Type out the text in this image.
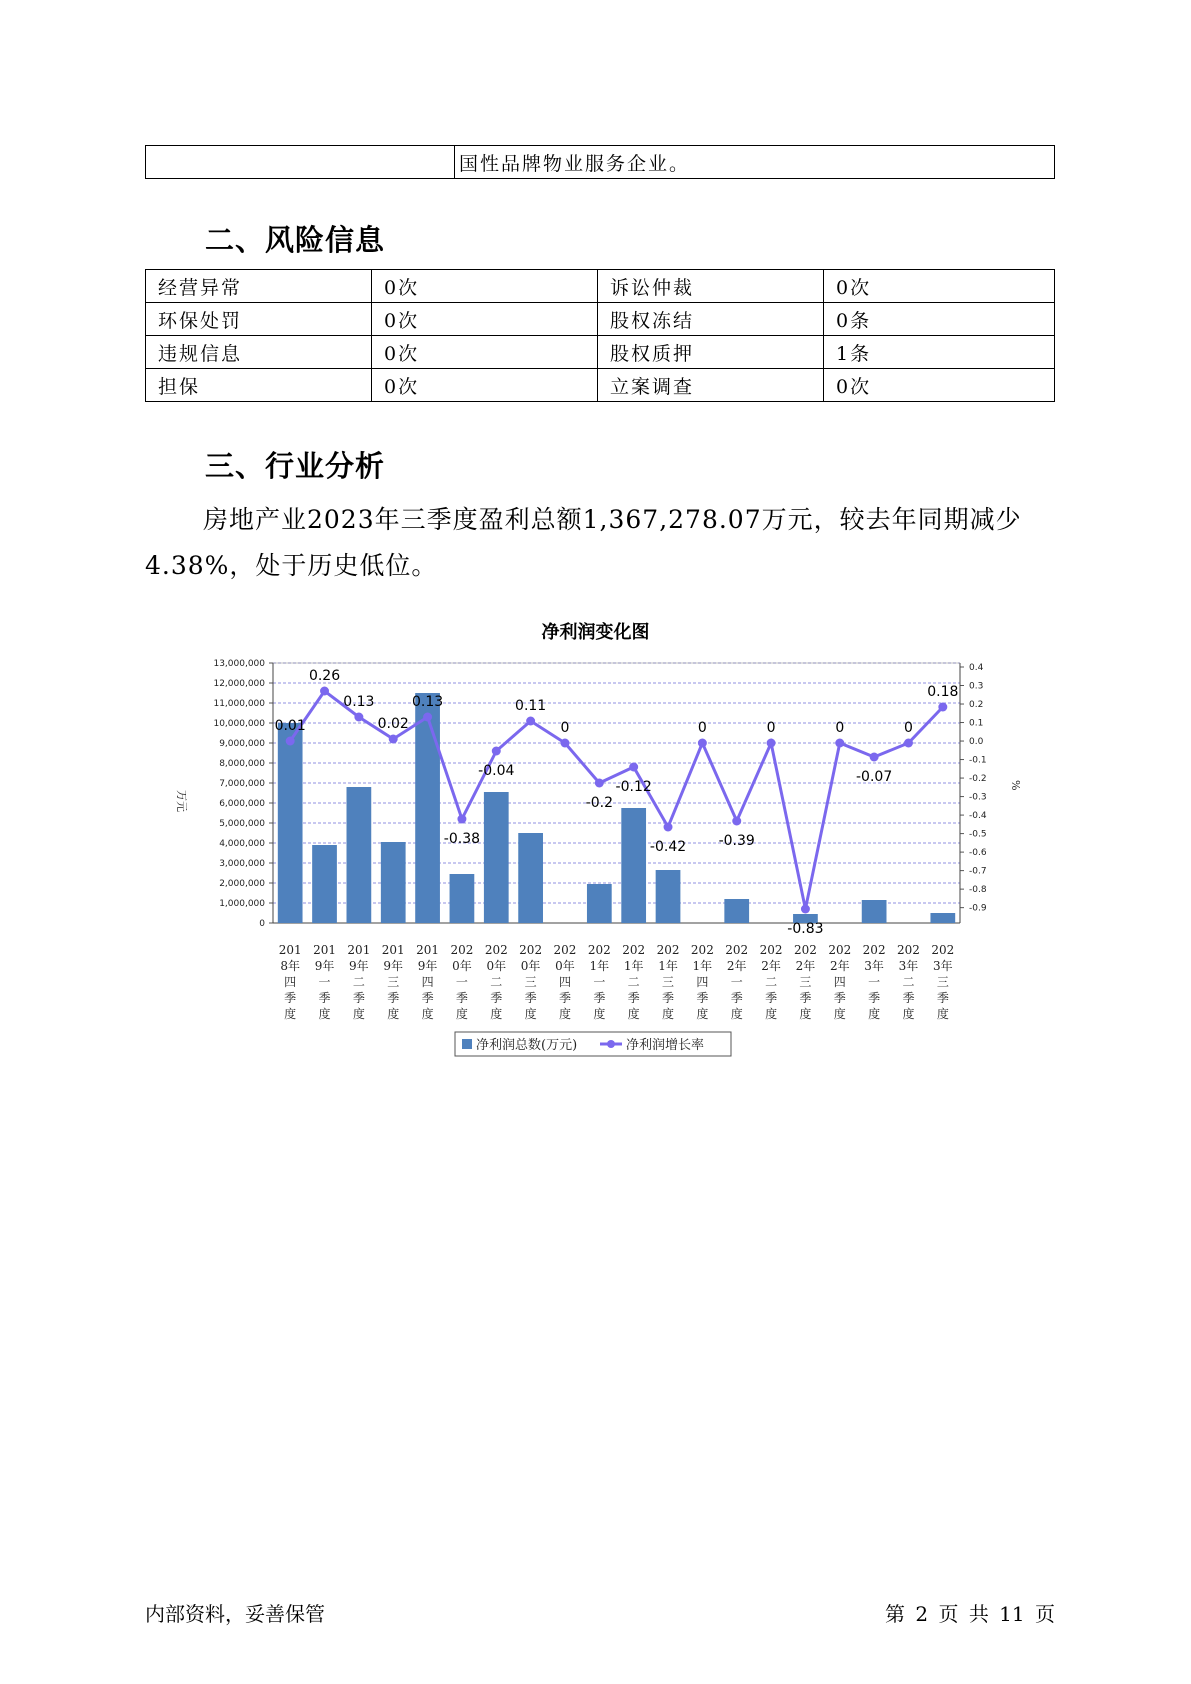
	国性品牌物业服务企业。
二、风险信息
经营异常	0次	诉讼仲裁	0次
环保处罚	0次	股权冻结	0条
违规信息	0次	股权质押	1条
担保	0次	立案调查	0次
三、行业分析

房地产业2023年三季度盈利总额1,367,278.07万元，较去年同期减少
4.38%，处于历史低位。

净利润变化图
13,000,000
12,000,000
11,000,000
10,000,000
9,000,000
8,000,000
7,000,000
6,000,000
5,000,000
4,000,000
3,000,000
2,000,000
1,000,000
0
0.4
0.3
0.2
0.1
0.0
-0.1
-0.2
-0.3
-0.4
-0.5
-0.6
-0.7
-0.8
-0.9
万元
%
0.01
0.26
0.13
0.02
0.13
-0.38
-0.04
0.11
0
-0.2
-0.12
-0.42
0
-0.39
0
-0.83
0
-0.07
0
0.18
201
8年
四
季
度
201
9年
一
季
度
201
9年
二
季
度
201
9年
三
季
度
201
9年
四
季
度
202
0年
一
季
度
202
0年
二
季
度
202
0年
三
季
度
202
0年
四
季
度
202
1年
一
季
度
202
1年
二
季
度
202
1年
三
季
度
202
1年
四
季
度
202
2年
一
季
度
202
2年
二
季
度
202
2年
三
季
度
202
2年
四
季
度
202
3年
一
季
度
202
3年
二
季
度
202
3年
三
季
度
净利润总数(万元)	净利润增长率
内部资料，妥善保管	第 2 页 共 11 页
